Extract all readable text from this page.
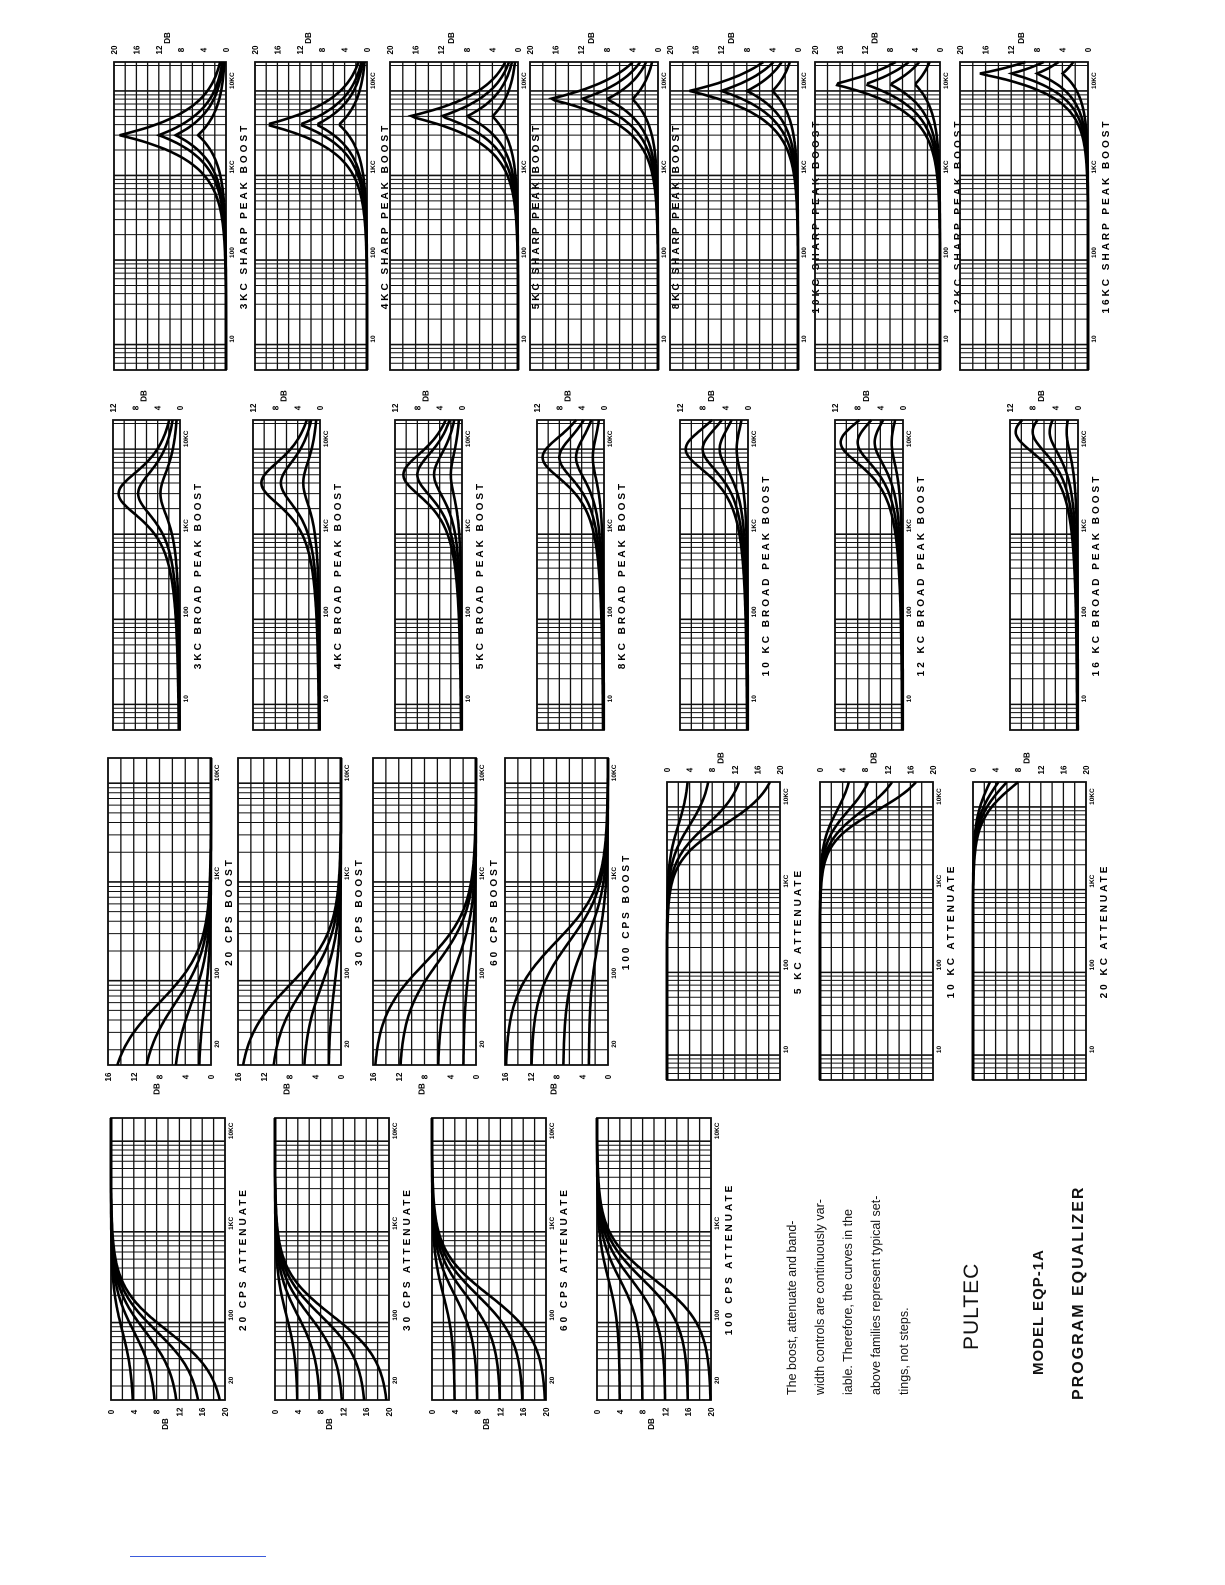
0 4 8 12 16 20
DB
20
100
1KC
10KC
20 CPS ATTENUATE
0 4 8 12 16 20
DB
20
100
1KC
10KC
30 CPS ATTENUATE
0 4 8 12 16 20
DB
20
100
1KC
10KC
60 CPS ATTENUATE
0 4 8 12 16 20
DB
20
100
1KC
10KC
100 CPS ATTENUATE
16 12 8 4 0
DB
20
100
1KC
10KC
20 CPS BOOST
16 12 8 4 0
DB
20
100
1KC
10KC
30 CPS BOOST
16 12 8 4 0
DB
20
100
1KC
10KC
60 CPS BOOST
16 12 8 4 0
DB
20
100
1KC
10KC
100 CPS BOOST
0 4 8 12 16 20
DB
10
100
1KC
10KC
5 KC ATTENUATE
0 4 8 12 16 20
DB
10
100
1KC
10KC
10 KC ATTENUATE
0 4 8 12 16 20
DB
10
100
1KC
10KC
20 KC ATTENUATE
12 8 4 0
DB
10
100
1KC
10KC
3KC BROAD PEAK BOOST
12 8 4 0
DB
10
100
1KC
10KC
4KC BROAD PEAK BOOST
12 8 4 0
DB
10
100
1KC
10KC
5KC BROAD PEAK BOOST
12 8 4 0
DB
10
100
1KC
10KC
8KC BROAD PEAK BOOST
12 8 4 0
DB
10
100
1KC
10KC
10 KC BROAD PEAK BOOST
12 8 4 0
DB
10
100
1KC
10KC
12 KC BROAD PEAK BOOST
12 8 4 0
DB
10
100
1KC
10KC
16 KC BROAD PEAK BOOST
20 16 12 8 4 0
DB
10
100
1KC
10KC
3KC SHARP PEAK BOOST
20 16 12 8 4 0
DB
10
100
1KC
10KC
4KC SHARP PEAK BOOST
20 16 12 8 4 0
DB
10
100
1KC
10KC
5KC SHARP PEAK BOOST
20 16 12 8 4 0
DB
10
100
1KC
10KC
8KC SHARP PEAK BOOST
20 16 12 8 4 0
DB
10
100
1KC
10KC
10KC SHARP PEAK BOOST
20 16 12 8 4 0
DB
10
100
1KC
10KC
12KC SHARP PEAK BOOST
20 16 12 8 4 0
DB
10
100
1KC
10KC
16KC SHARP PEAK BOOST
The boost, attenuate and band-	width controls are continuously var-	iable. Therefore, the curves in the	above families represent typical set-	tings, not steps.
PULTEC	MODEL EQP-1A PROGRAM EQUALIZER
